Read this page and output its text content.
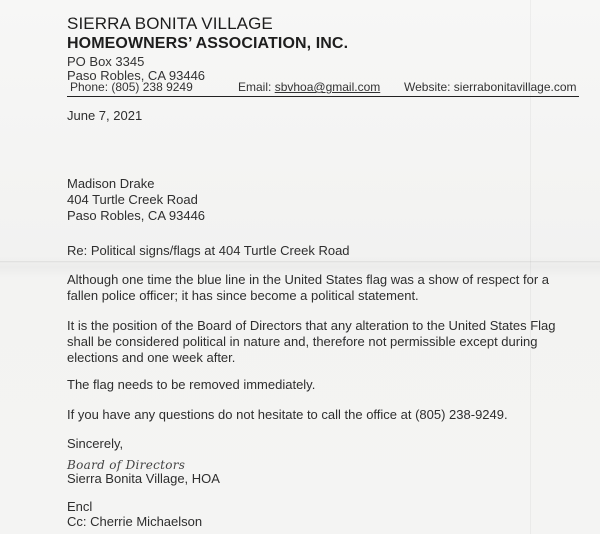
SIERRA BONITA VILLAGE
HOMEOWNERS’ ASSOCIATION, INC.
PO Box 3345
Paso Robles, CA 93446
Phone: (805) 238 9249	Email: sbvhoa@gmail.com Website: sierrabonitavillage.com
June 7, 2021
Madison Drake
404 Turtle Creek Road
Paso Robles, CA 93446
Re: Political signs/flags at 404 Turtle Creek Road
Although one time the blue line in the United States flag was a show of respect for a
fallen police officer; it has since become a political statement.
It is the position of the Board of Directors that any alteration to the United States Flag
shall be considered political in nature and, therefore not permissible except during
elections and one week after.
The flag needs to be removed immediately.
If you have any questions do not hesitate to call the office at (805) 238-9249.
Sincerely,
Board of Directors
Sierra Bonita Village, HOA
Encl
Cc: Cherrie Michaelson
